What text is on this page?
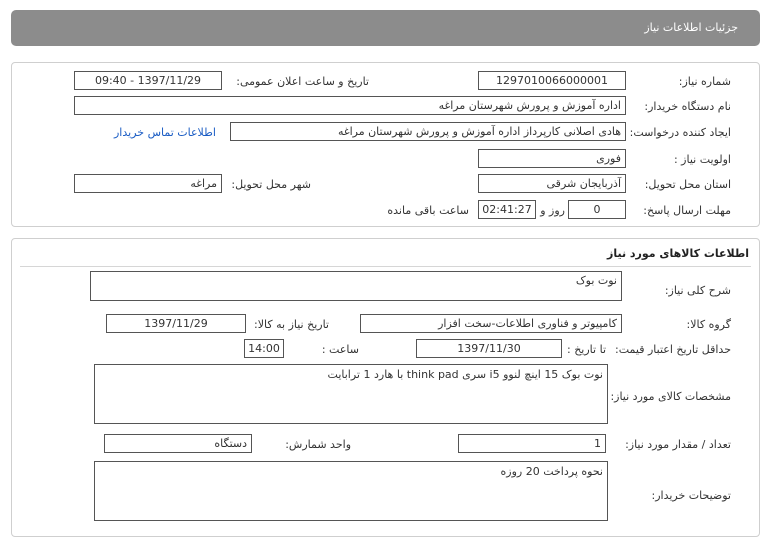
جزئیات اطلاعات نیاز
شماره نیاز:
1297010066000001
تاریخ و ساعت اعلان عمومی:
1397/11/29 - 09:40
نام دستگاه خریدار:
اداره آموزش و پرورش شهرستان مراغه
ایجاد کننده درخواست:
هادی اصلانی کارپرداز اداره آموزش و پرورش شهرستان مراغه
اطلاعات تماس خریدار
اولویت نیاز :
فوری
استان محل تحویل:
آذربایجان شرقی
شهر محل تحویل:
مراغه
مهلت ارسال پاسخ:
0
روز و
02:41:27
ساعت باقی مانده
اطلاعات کالاهای مورد نیاز
شرح کلی نیاز:
نوت بوک
گروه کالا:
کامپیوتر و فناوری اطلاعات-سخت افزار
تاریخ نیاز به کالا:
1397/11/29
حداقل تاریخ اعتبار قیمت:
تا تاریخ :
1397/11/30
ساعت :
14:00
مشخصات کالای مورد نیاز:
نوت بوک 15 اینچ لنوو i5 سری think pad با هارد 1 ترابایت
تعداد / مقدار مورد نیاز:
1
واحد شمارش:
دستگاه
توضیحات خریدار:
نحوه پرداخت 20 روزه
